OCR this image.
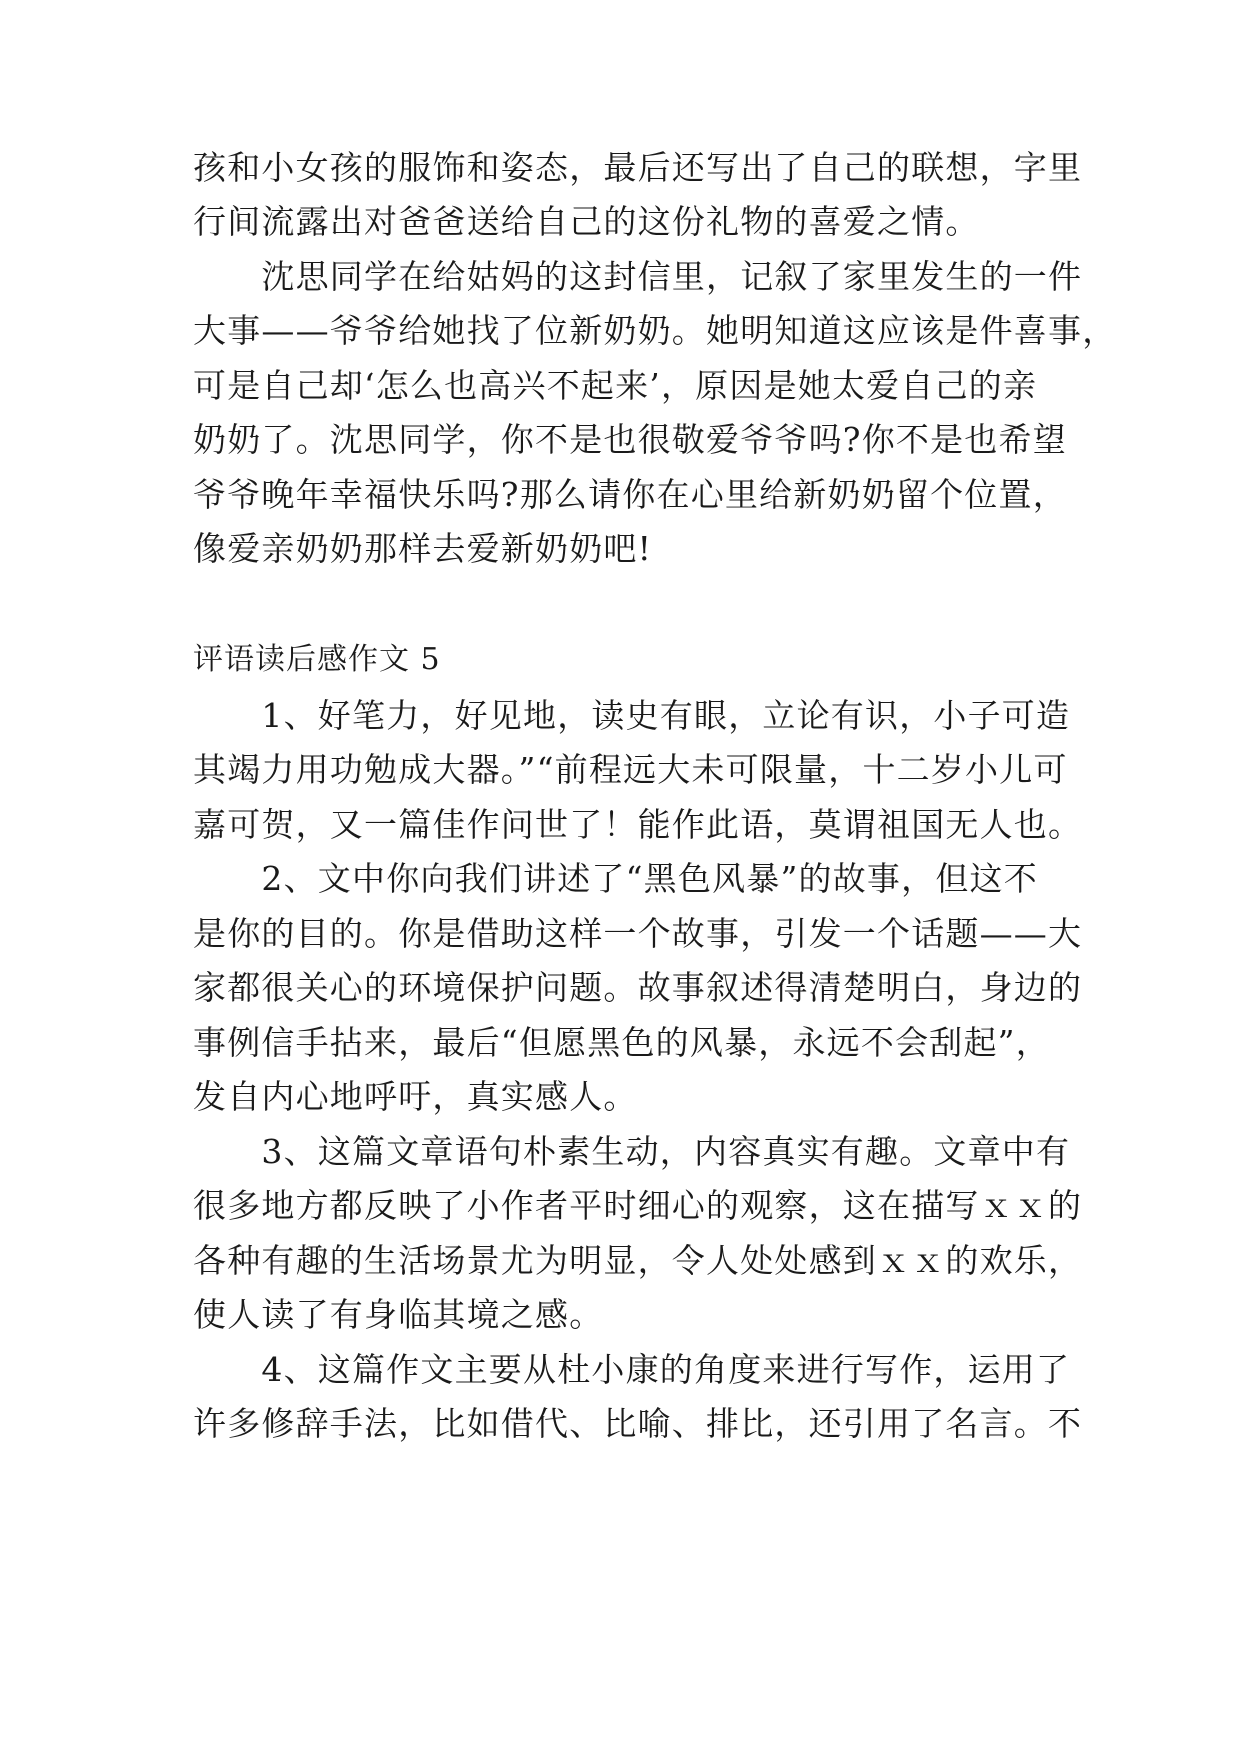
孩和小女孩的服饰和姿态，最后还写出了自己的联想，字里
行间流露出对爸爸送给自己的这份礼物的喜爱之情。
　　沈思同学在给姑妈的这封信里，记叙了家里发生的一件
大事——爷爷给她找了位新奶奶。她明知道这应该是件喜事，
可是自己却‘怎么也高兴不起来’，原因是她太爱自己的亲
奶奶了。沈思同学，你不是也很敬爱爷爷吗?你不是也希望
爷爷晚年幸福快乐吗?那么请你在心里给新奶奶留个位置，
像爱亲奶奶那样去爱新奶奶吧!
评语读后感作文 5
　　1、好笔力，好见地，读史有眼，立论有识，小子可造
其竭力用功勉成大器。”“前程远大未可限量，十二岁小儿可
嘉可贺，又一篇佳作问世了！能作此语，莫谓祖国无人也。
　　2、文中你向我们讲述了“黑色风暴”的故事，但这不
是你的目的。你是借助这样一个故事，引发一个话题——大
家都很关心的环境保护问题。故事叙述得清楚明白，身边的
事例信手拈来，最后“但愿黑色的风暴，永远不会刮起”，
发自内心地呼吁，真实感人。
　　3、这篇文章语句朴素生动，内容真实有趣。文章中有
很多地方都反映了小作者平时细心的观察，这在描写ｘｘ的
各种有趣的生活场景尤为明显，令人处处感到ｘｘ的欢乐，
使人读了有身临其境之感。
　　4、这篇作文主要从杜小康的角度来进行写作，运用了
许多修辞手法，比如借代、比喻、排比，还引用了名言。不
